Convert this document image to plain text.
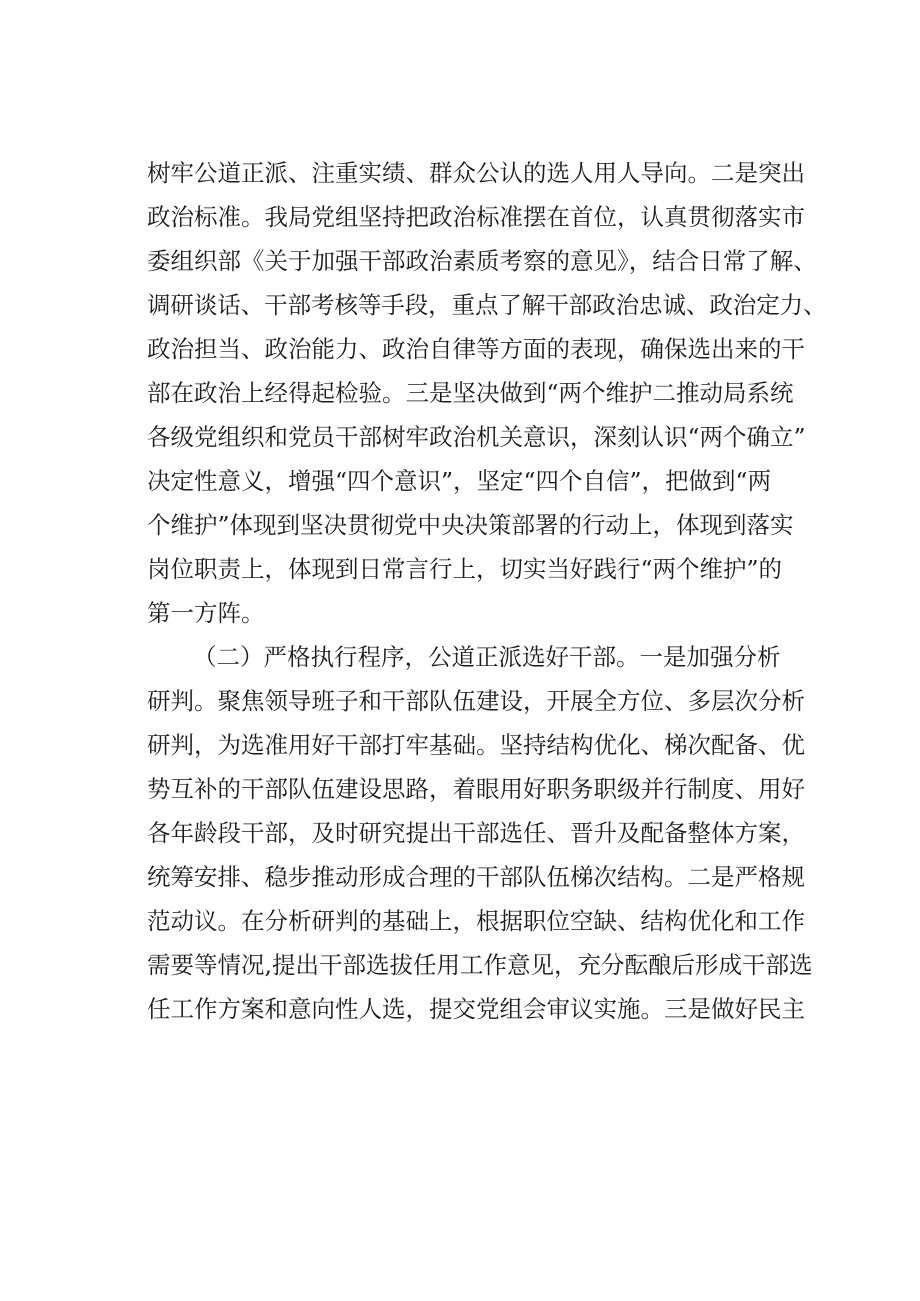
树牢公道正派、注重实绩、群众公认的选人用人导向。二是突出
政治标准。我局党组坚持把政治标准摆在首位，认真贯彻落实市
委组织部《关于加强干部政治素质考察的意见》，结合日常了解、
调研谈话、干部考核等手段，重点了解干部政治忠诚、政治定力、
政治担当、政治能力、政治自律等方面的表现，确保选出来的干
部在政治上经得起检验。三是坚决做到“两个维护二推动局系统
各级党组织和党员干部树牢政治机关意识，深刻认识“两个确立”
决定性意义，增强“四个意识”，坚定“四个自信”，把做到“两
个维护”体现到坚决贯彻党中央决策部署的行动上，体现到落实
岗位职责上，体现到日常言行上，切实当好践行“两个维护”的
第一方阵。
（二）严格执行程序，公道正派选好干部。一是加强分析
研判。聚焦领导班子和干部队伍建设，开展全方位、多层次分析
研判，为选准用好干部打牢基础。坚持结构优化、梯次配备、优
势互补的干部队伍建设思路，着眼用好职务职级并行制度、用好
各年龄段干部，及时研究提出干部选任、晋升及配备整体方案，
统筹安排、稳步推动形成合理的干部队伍梯次结构。二是严格规
范动议。在分析研判的基础上，根据职位空缺、结构优化和工作
需要等情况,提出干部选拔任用工作意见，充分酝酿后形成干部选
任工作方案和意向性人选，提交党组会审议实施。三是做好民主
